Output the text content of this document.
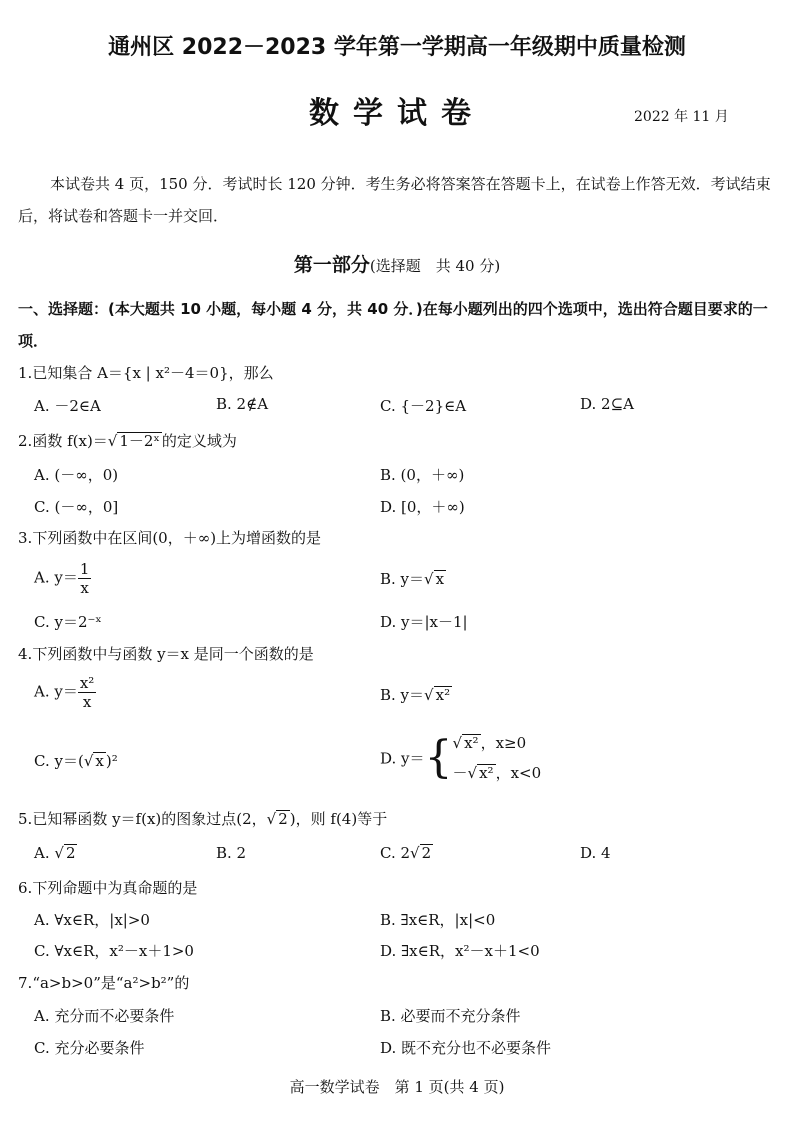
通州区 2022－2023 学年第一学期高一年级期中质量检测
数学试卷	2022 年 11 月
本试卷共 4 页，150 分．考试时长 120 分钟．考生务必将答案答在答题卡上，在试卷上作答无效．考试结束后，将试卷和答题卡一并交回．
第一部分(选择题　共 40 分)
一、选择题：(本大题共 10 小题，每小题 4 分，共 40 分．)在每小题列出的四个选项中，选出符合题目要求的一项．
1.已知集合 A＝{x | x²－4＝0}，那么
A. －2∈A	B. 2∉A	C. {－2}∈A	D. 2⊆A
2.函数 f(x)＝√ 1－2ˣ 的定义域为
A. (－∞，0)	B. (0，＋∞)
C. (－∞，0]	D. [0，＋∞)
3.下列函数中在区间(0，＋∞)上为增函数的是
A. $y= \frac{1}{x}$	B. y＝√ x
C. y＝2⁻ˣ	D. y＝|x－1|
4.下列函数中与函数 y＝x 是同一个函数的是
A. $y= \frac{\text{x²}}{x}$	B. y＝√ x²
C. y＝(√ x )²	D. y＝{ √ x² ，x≥0
－√ x² ，x<0
5.已知幂函数 y＝f(x)的图象过点(2，√ 2 )，则 f(4)等于
A. √ 2	B. 2	C. 2√ 2	D. 4
6.下列命题中为真命题的是
A. ∀x∈R，|x|>0	B. ∃x∈R，|x|<0
C. ∀x∈R，x²－x＋1>0	D. ∃x∈R，x²－x＋1<0
7.“a>b>0”是“a²>b²”的
A. 充分而不必要条件	B. 必要而不充分条件
C. 充分必要条件	D. 既不充分也不必要条件
高一数学试卷　第 1 页(共 4 页)
